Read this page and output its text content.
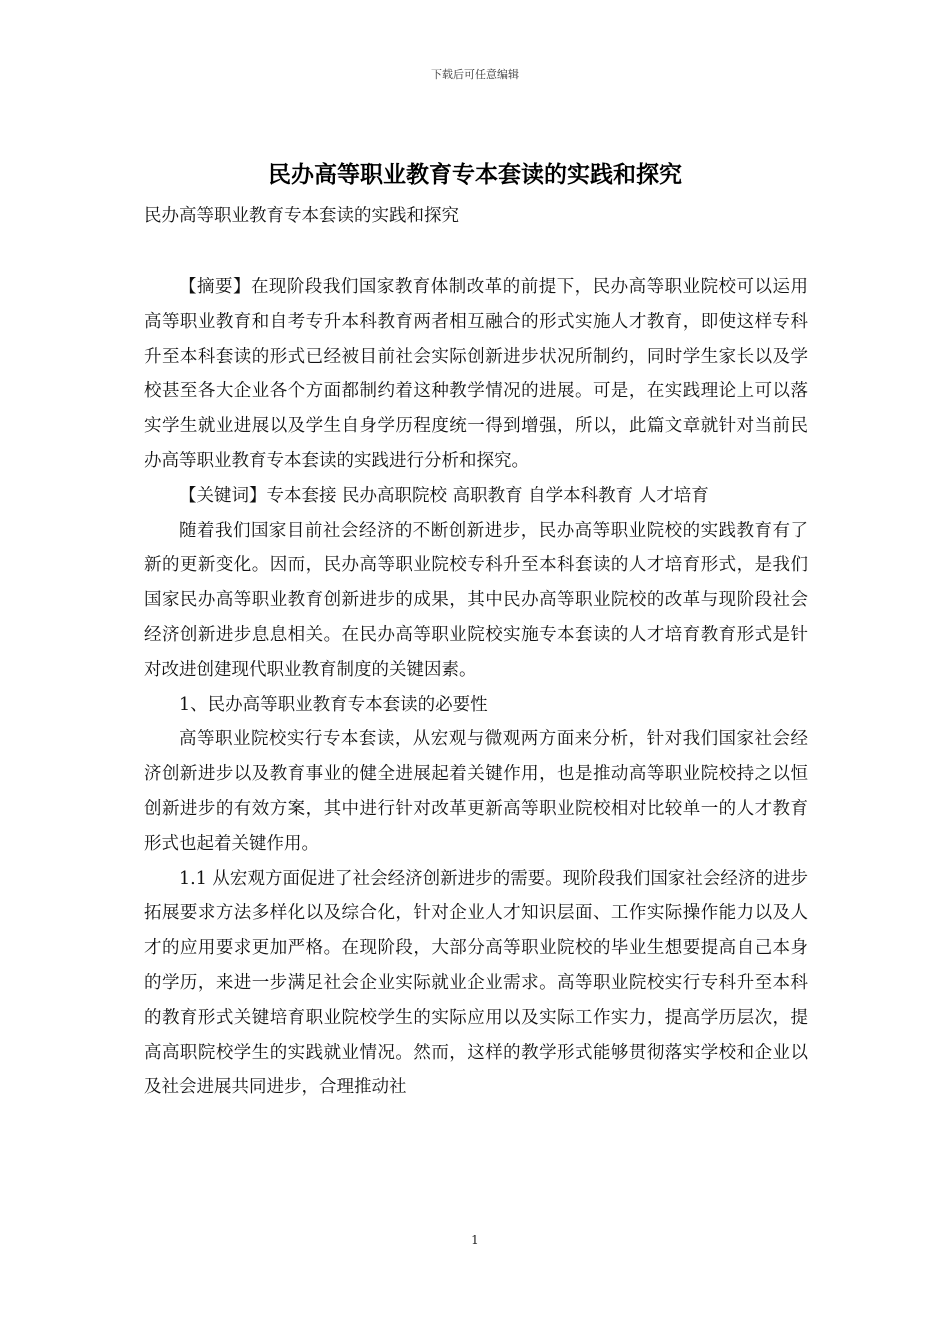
下载后可任意编辑
民办高等职业教育专本套读的实践和探究
民办高等职业教育专本套读的实践和探究

【摘要】在现阶段我们国家教育体制改革的前提下，民办高等职业院校可以运用高等职业教育和自考专升本科教育两者相互融合的形式实施人才教育，即使这样专科升至本科套读的形式已经被目前社会实际创新进步状况所制约，同时学生家长以及学校甚至各大企业各个方面都制约着这种教学情况的进展。可是，在实践理论上可以落实学生就业进展以及学生自身学历程度统一得到增强，所以，此篇文章就针对当前民办高等职业教育专本套读的实践进行分析和探究。

【关键词】专本套接 民办高职院校 高职教育 自学本科教育 人才培育

随着我们国家目前社会经济的不断创新进步，民办高等职业院校的实践教育有了新的更新变化。因而，民办高等职业院校专科升至本科套读的人才培育形式，是我们国家民办高等职业教育创新进步的成果，其中民办高等职业院校的改革与现阶段社会经济创新进步息息相关。在民办高等职业院校实施专本套读的人才培育教育形式是针对改进创建现代职业教育制度的关键因素。

1、民办高等职业教育专本套读的必要性

高等职业院校实行专本套读，从宏观与微观两方面来分析，针对我们国家社会经济创新进步以及教育事业的健全进展起着关键作用，也是推动高等职业院校持之以恒创新进步的有效方案，其中进行针对改革更新高等职业院校相对比较单一的人才教育形式也起着关键作用。

1.1 从宏观方面促进了社会经济创新进步的需要。现阶段我们国家社会经济的进步拓展要求方法多样化以及综合化，针对企业人才知识层面、工作实际操作能力以及人才的应用要求更加严格。在现阶段，大部分高等职业院校的毕业生想要提高自己本身的学历，来进一步满足社会企业实际就业企业需求。高等职业院校实行专科升至本科的教育形式关键培育职业院校学生的实际应用以及实际工作实力，提高学历层次，提高高职院校学生的实践就业情况。然而，这样的教学形式能够贯彻落实学校和企业以及社会进展共同进步，合理推动社

1
